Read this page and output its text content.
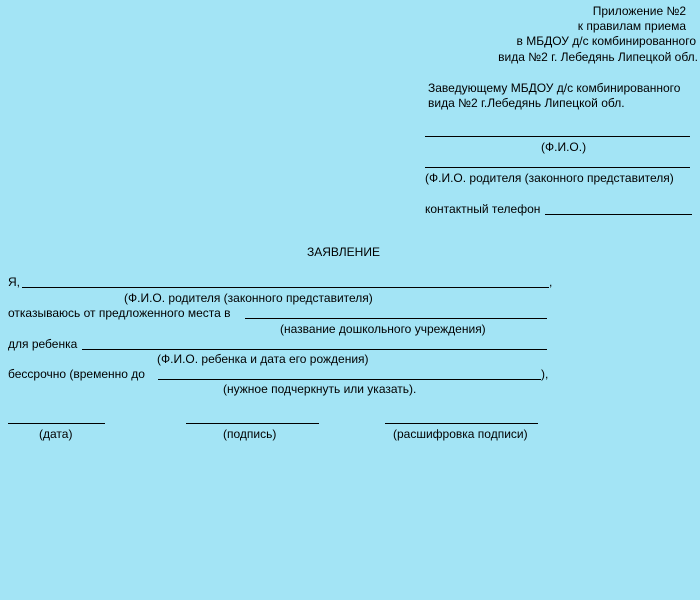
Приложение №2
к правилам приема
в МБДОУ д/с комбинированного
вида №2 г. Лебедянь Липецкой обл.
Заведующему МБДОУ д/с комбинированного
вида №2 г.Лебедянь Липецкой обл.
(Ф.И.О.)
(Ф.И.О. родителя (законного представителя)
контактный телефон
ЗАЯВЛЕНИЕ
Я,	,
(Ф.И.О. родителя (законного представителя)
отказываюсь от предложенного места в
(название дошкольного учреждения)
для ребенка
(Ф.И.О. ребенка и дата его рождения)
бессрочно (временно до	),
(нужное подчеркнуть или указать).
(дата)	(подпись)	(расшифровка подписи)
